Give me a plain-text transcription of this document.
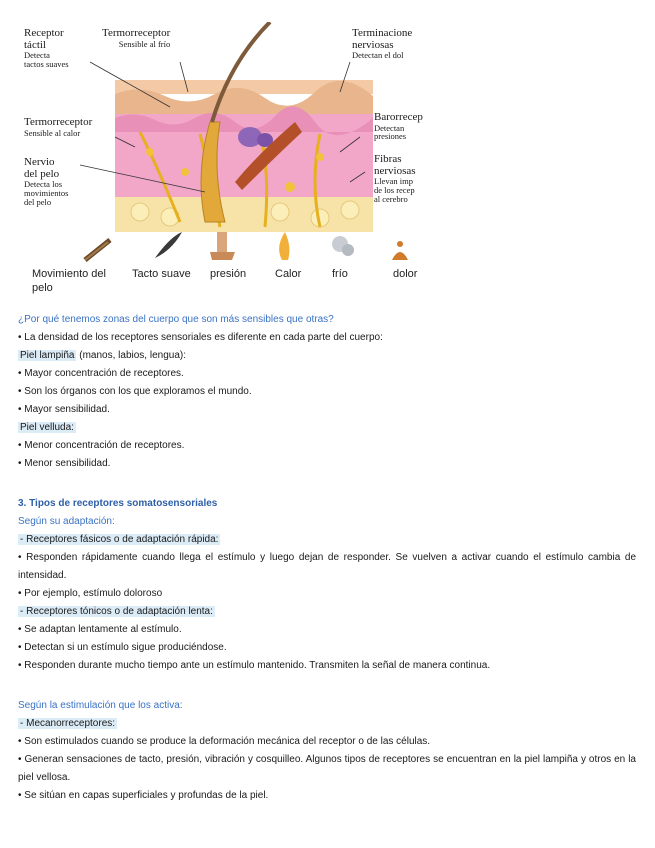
Receptor
táctil
Detecta
tactos suaves
Termorreceptor
Sensible al frío
Terminacione
nerviosas
Detectan el dol
Termorreceptor
Sensible al calor
Barorrecep
Detectan
presiones
Nervio
del pelo
Detecta los
movimientos
del pelo
Fibras
nerviosas
Llevan imp
de los recep
al cerebro
Movimiento del
pelo
Tacto suave presión	Calor	frío	dolor
¿Por qué tenemos zonas del cuerpo que son más sensibles que otras?
• La densidad de los receptores sensoriales es diferente en cada parte del cuerpo:
Piel lampiña (manos, labios, lengua):
• Mayor concentración de receptores.
• Son los órganos con los que exploramos el mundo.
• Mayor sensibilidad.
Piel velluda:
• Menor concentración de receptores.
• Menor sensibilidad.
3. Tipos de receptores somatosensoriales
Según su adaptación:
- Receptores fásicos o de adaptación rápida:
• Responden rápidamente cuando llega el estímulo y luego dejan de responder. Se vuelven a activar cuando el estímulo cambia de intensidad.
• Por ejemplo, estímulo doloroso
- Receptores tónicos o de adaptación lenta:
• Se adaptan lentamente al estímulo.
• Detectan si un estímulo sigue produciéndose.
• Responden durante mucho tiempo ante un estímulo mantenido. Transmiten la señal de manera continua.
Según la estimulación que los activa:
- Mecanorreceptores:
• Son estimulados cuando se produce la deformación mecánica del receptor o de las células.
• Generan sensaciones de tacto, presión, vibración y cosquilleo. Algunos tipos de receptores se encuentran en la piel lampiña y otros en la piel vellosa.
• Se sitúan en capas superficiales y profundas de la piel.
